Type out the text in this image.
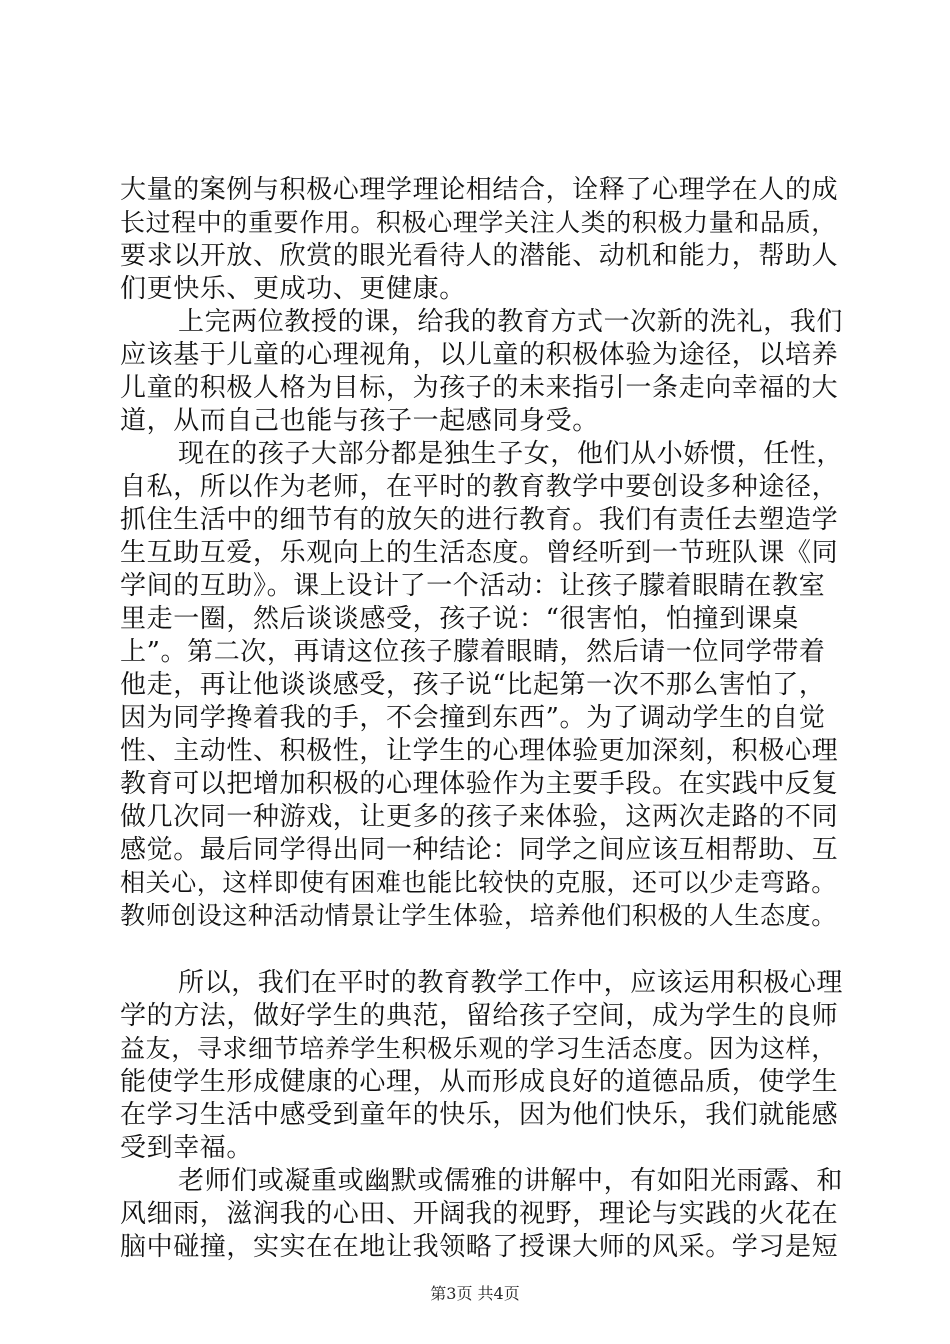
大量的案例与积极心理学理论相结合，诠释了心理学在人的成
长过程中的重要作用。积极心理学关注人类的积极力量和品质，
要求以开放、欣赏的眼光看待人的潜能、动机和能力，帮助人
们更快乐、更成功、更健康。
上完两位教授的课，给我的教育方式一次新的洗礼，我们
应该基于儿童的心理视角，以儿童的积极体验为途径，以培养
儿童的积极人格为目标，为孩子的未来指引一条走向幸福的大
道，从而自己也能与孩子一起感同身受。
现在的孩子大部分都是独生子女，他们从小娇惯，任性，
自私，所以作为老师，在平时的教育教学中要创设多种途径，
抓住生活中的细节有的放矢的进行教育。我们有责任去塑造学
生互助互爱，乐观向上的生活态度。曾经听到一节班队课《同
学间的互助》。课上设计了一个活动：让孩子朦着眼睛在教室
里走一圈，然后谈谈感受，孩子说：“很害怕，怕撞到课桌
上”。第二次，再请这位孩子朦着眼睛，然后请一位同学带着
他走，再让他谈谈感受，孩子说“比起第一次不那么害怕了，
因为同学搀着我的手，不会撞到东西”。为了调动学生的自觉
性、主动性、积极性，让学生的心理体验更加深刻，积极心理
教育可以把增加积极的心理体验作为主要手段。在实践中反复
做几次同一种游戏，让更多的孩子来体验，这两次走路的不同
感觉。最后同学得出同一种结论：同学之间应该互相帮助、互
相关心，这样即使有困难也能比较快的克服，还可以少走弯路。
教师创设这种活动情景让学生体验，培养他们积极的人生态度。
所以，我们在平时的教育教学工作中，应该运用积极心理
学的方法，做好学生的典范，留给孩子空间，成为学生的良师
益友，寻求细节培养学生积极乐观的学习生活态度。因为这样，
能使学生形成健康的心理，从而形成良好的道德品质，使学生
在学习生活中感受到童年的快乐，因为他们快乐，我们就能感
受到幸福。
老师们或凝重或幽默或儒雅的讲解中，有如阳光雨露、和
风细雨，滋润我的心田、开阔我的视野，理论与实践的火花在
脑中碰撞，实实在在地让我领略了授课大师的风采。学习是短
第3页 共4页
